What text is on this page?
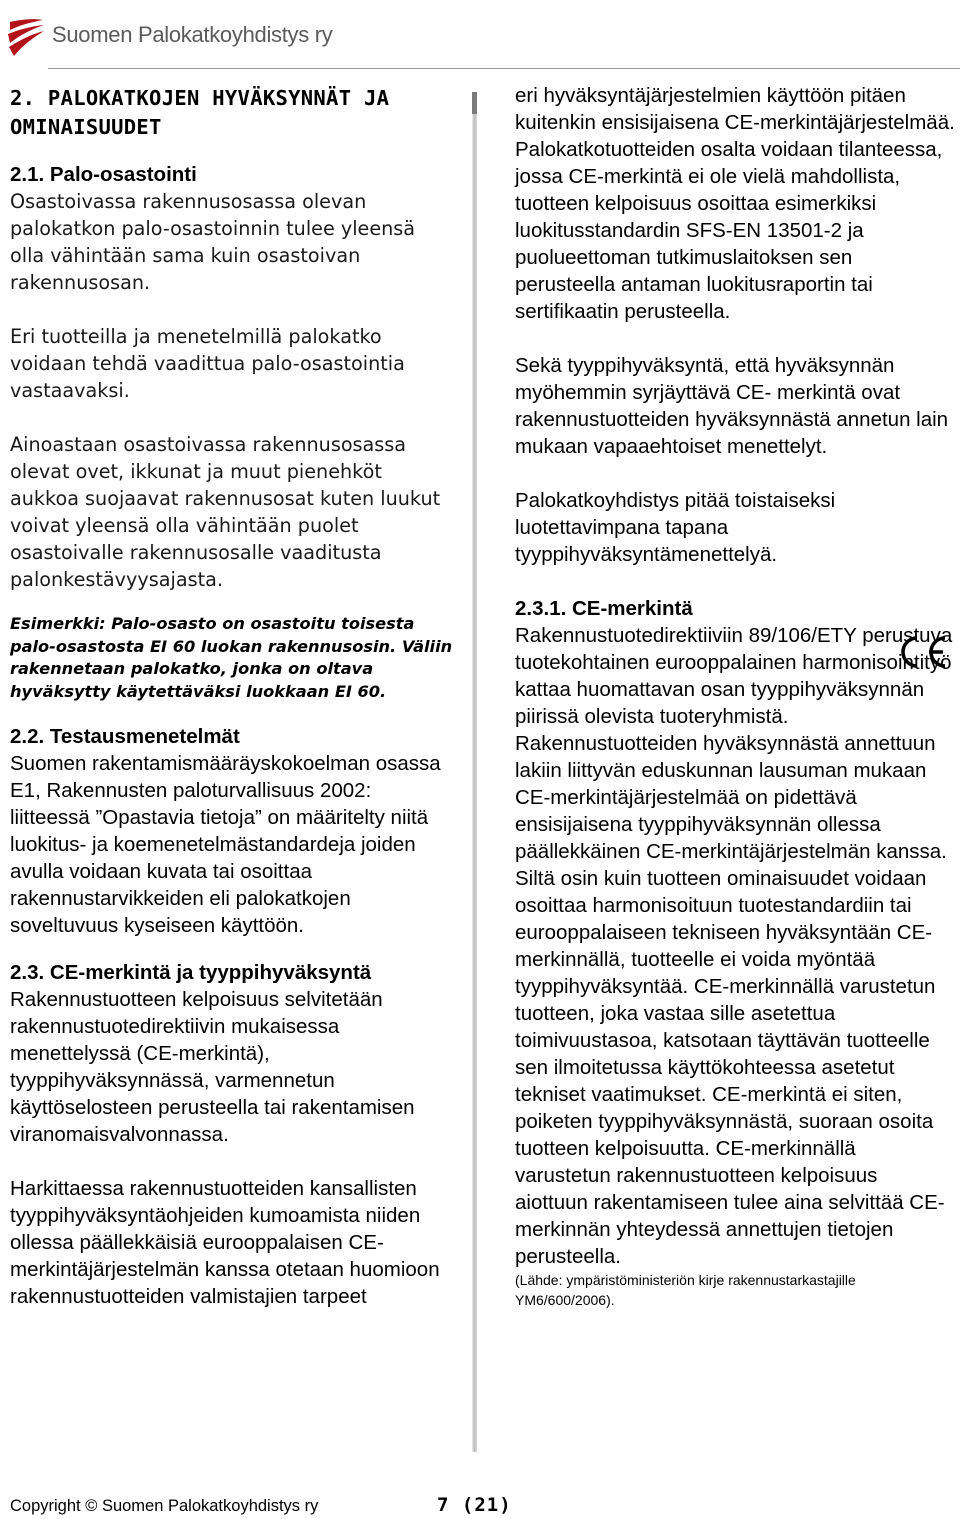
Suomen Palokatkoyhdistys ry

2. PALOKATKOJEN HYVÄKSYNNÄT JA OMINAISUUDET

2.1. Palo-osastointi

Osastoivassa rakennusosassa olevan palokatkon palo-osastoinnin tulee yleensä olla vähintään sama kuin osastoivan rakennusosan.

Eri tuotteilla ja menetelmillä palokatko voidaan tehdä vaadittua palo-osastointia vastaavaksi.

Ainoastaan osastoivassa rakennusosassa olevat ovet, ikkunat ja muut pienehköt aukkoa suojaavat rakennusosat kuten luukut voivat yleensä olla vähintään puolet osastoivalle rakennusosalle vaaditusta palonkestävyysajasta.

Esimerkki: Palo-osasto on osastoitu toisesta palo-osastosta EI 60 luokan rakennusosin. Väliin rakennetaan palokatko, jonka on oltava hyväksytty käytettäväksi luokkaan EI 60.

2.2. Testausmenetelmät

Suomen rakentamismääräyskokoelman osassa E1, Rakennusten paloturvallisuus 2002: liitteessä ”Opastavia tietoja” on määritelty niitä luokitus- ja koemenetelmästandardeja joiden avulla voidaan kuvata tai osoittaa rakennustarvikkeiden eli palokatkojen soveltuvuus kyseiseen käyttöön.

2.3. CE-merkintä ja tyyppihyväksyntä

Rakennustuotteen kelpoisuus selvitetään rakennustuotedirektiivin mukaisessa menettelyssä (CE-merkintä), tyyppihyväksynnässä, varmennetun käyttöselosteen perusteella tai rakentamisen viranomaisvalvonnassa.

Harkittaessa rakennustuotteiden kansallisten tyyppihyväksyntäohjeiden kumoamista niiden ollessa päällekkäisiä eurooppalaisen CE- merkintäjärjestelmän kanssa otetaan huomioon rakennustuotteiden valmistajien tarpeet

eri hyväksyntäjärjestelmien käyttöön pitäen kuitenkin ensisijaisena CE-merkintäjärjestelmää. Palokatkotuotteiden osalta voidaan tilanteessa, jossa CE-merkintä ei ole vielä mahdollista, tuotteen kelpoisuus osoittaa esimerkiksi luokitusstandardin SFS-EN 13501-2 ja puolueettoman tutkimuslaitoksen sen perusteella antaman luokitusraportin tai sertifikaatin perusteella.

Sekä tyyppihyväksyntä, että hyväksynnän myöhemmin syrjäyttävä CE- merkintä ovat rakennustuotteiden hyväksynnästä annetun lain mukaan vapaaehtoiset menettelyt.

Palokatkoyhdistys pitää toistaiseksi luotettavimpana tapana tyyppihyväksyntämenettelyä.

2.3.1. CE-merkintä

Rakennustuotedirektiiviin 89/106/ETY perustuva tuotekohtainen eurooppalainen harmonisointityö kattaa huomattavan osan tyyppihyväksynnän piirissä olevista tuoteryhmistä. Rakennustuotteiden hyväksynnästä annettuun lakiin liittyvän eduskunnan lausuman mukaan CE-merkintäjärjestelmää on pidettävä ensisijaisena tyyppihyväksynnän ollessa päällekkäinen CE-merkintäjärjestelmän kanssa. Siltä osin kuin tuotteen ominaisuudet voidaan osoittaa harmonisoituun tuotestandardiin tai eurooppalaiseen tekniseen hyväksyntään CE-merkinnällä, tuotteelle ei voida myöntää tyyppihyväksyntää. CE-merkinnällä varustetun tuotteen, joka vastaa sille asetettua toimivuustasoa, katsotaan täyttävän tuotteelle sen ilmoitetussa käyttökohteessa asetetut tekniset vaatimukset. CE-merkintä ei siten, poiketen tyyppihyväksynnästä, suoraan osoita tuotteen kelpoisuutta. CE-merkinnällä varustetun rakennustuotteen kelpoisuus aiottuun rakentamiseen tulee aina selvittää CE-merkinnän yhteydessä annettujen tietojen perusteella.

(Lähde: ympäristöministeriön kirje rakennustarkastajille YM6/600/2006).

Copyright © Suomen Palokatkoyhdistys ry	7 (21)
